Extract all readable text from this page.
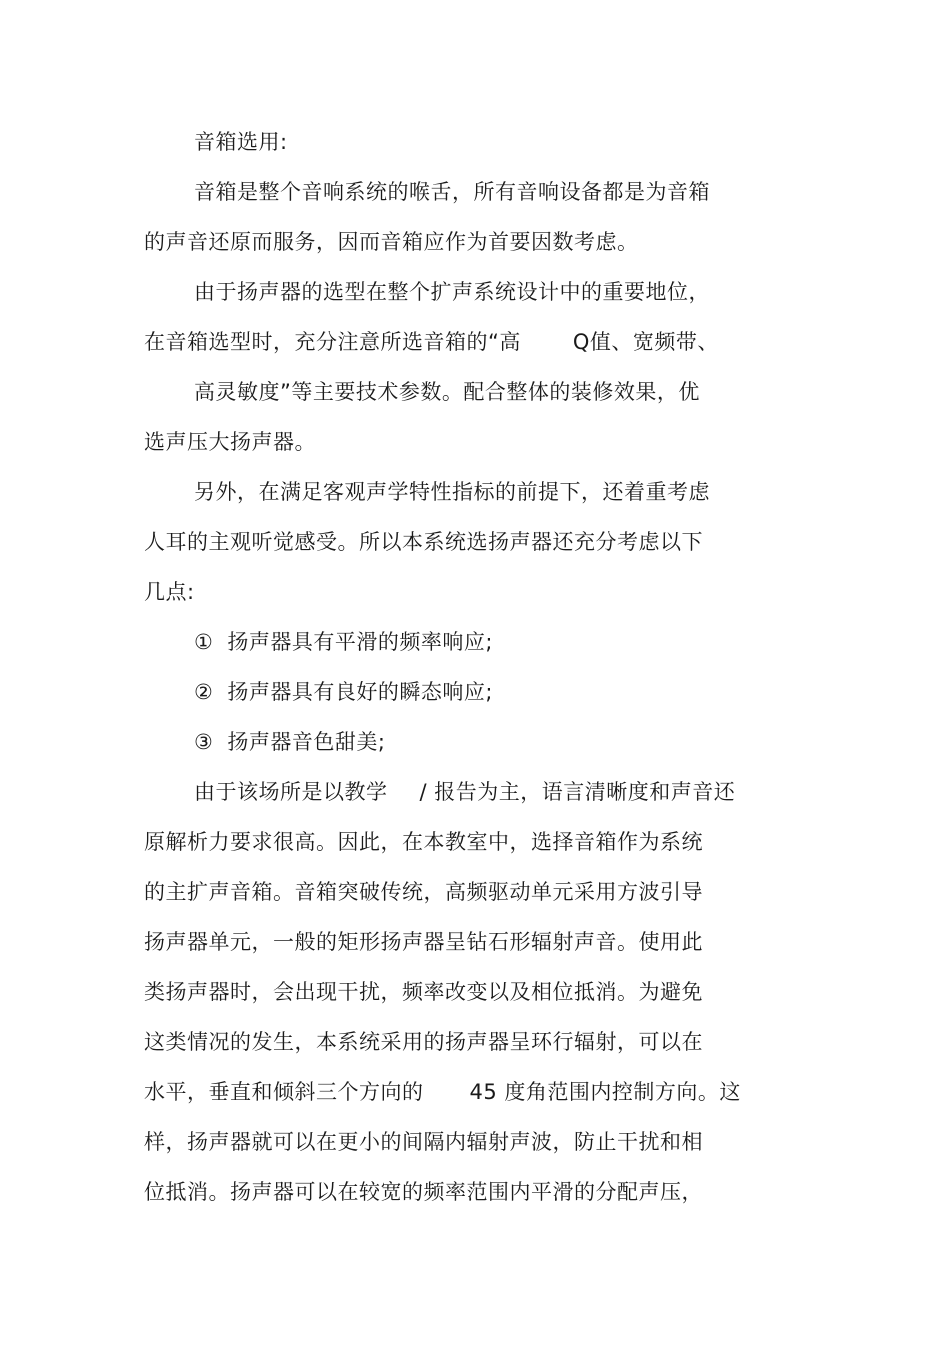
音箱选用:
音箱是整个音响系统的喉舌，所有音响设备都是为音箱
的声音还原而服务，因而音箱应作为首要因数考虑。
由于扬声器的选型在整个扩声系统设计中的重要地位，
在音箱选型时，充分注意所选音箱的“高 Q值、宽频带、
高灵敏度”等主要技术参数。配合整体的装修效果，优
选声压大扬声器。
另外，在满足客观声学特性指标的前提下，还着重考虑
人耳的主观听觉感受。所以本系统选扬声器还充分考虑以下
几点:
① 扬声器具有平滑的频率响应;
② 扬声器具有良好的瞬态响应;
③ 扬声器音色甜美;
由于该场所是以教学 / 报告为主，语言清晰度和声音还
原解析力要求很高。因此，在本教室中，选择音箱作为系统
的主扩声音箱。音箱突破传统，高频驱动单元采用方波引导
扬声器单元，一般的矩形扬声器呈钻石形辐射声音。使用此
类扬声器时，会出现干扰，频率改变以及相位抵消。为避免
这类情况的发生，本系统采用的扬声器呈环行辐射，可以在
水平，垂直和倾斜三个方向的 45 度角范围内控制方向。这
样，扬声器就可以在更小的间隔内辐射声波，防止干扰和相
位抵消。扬声器可以在较宽的频率范围内平滑的分配声压，
